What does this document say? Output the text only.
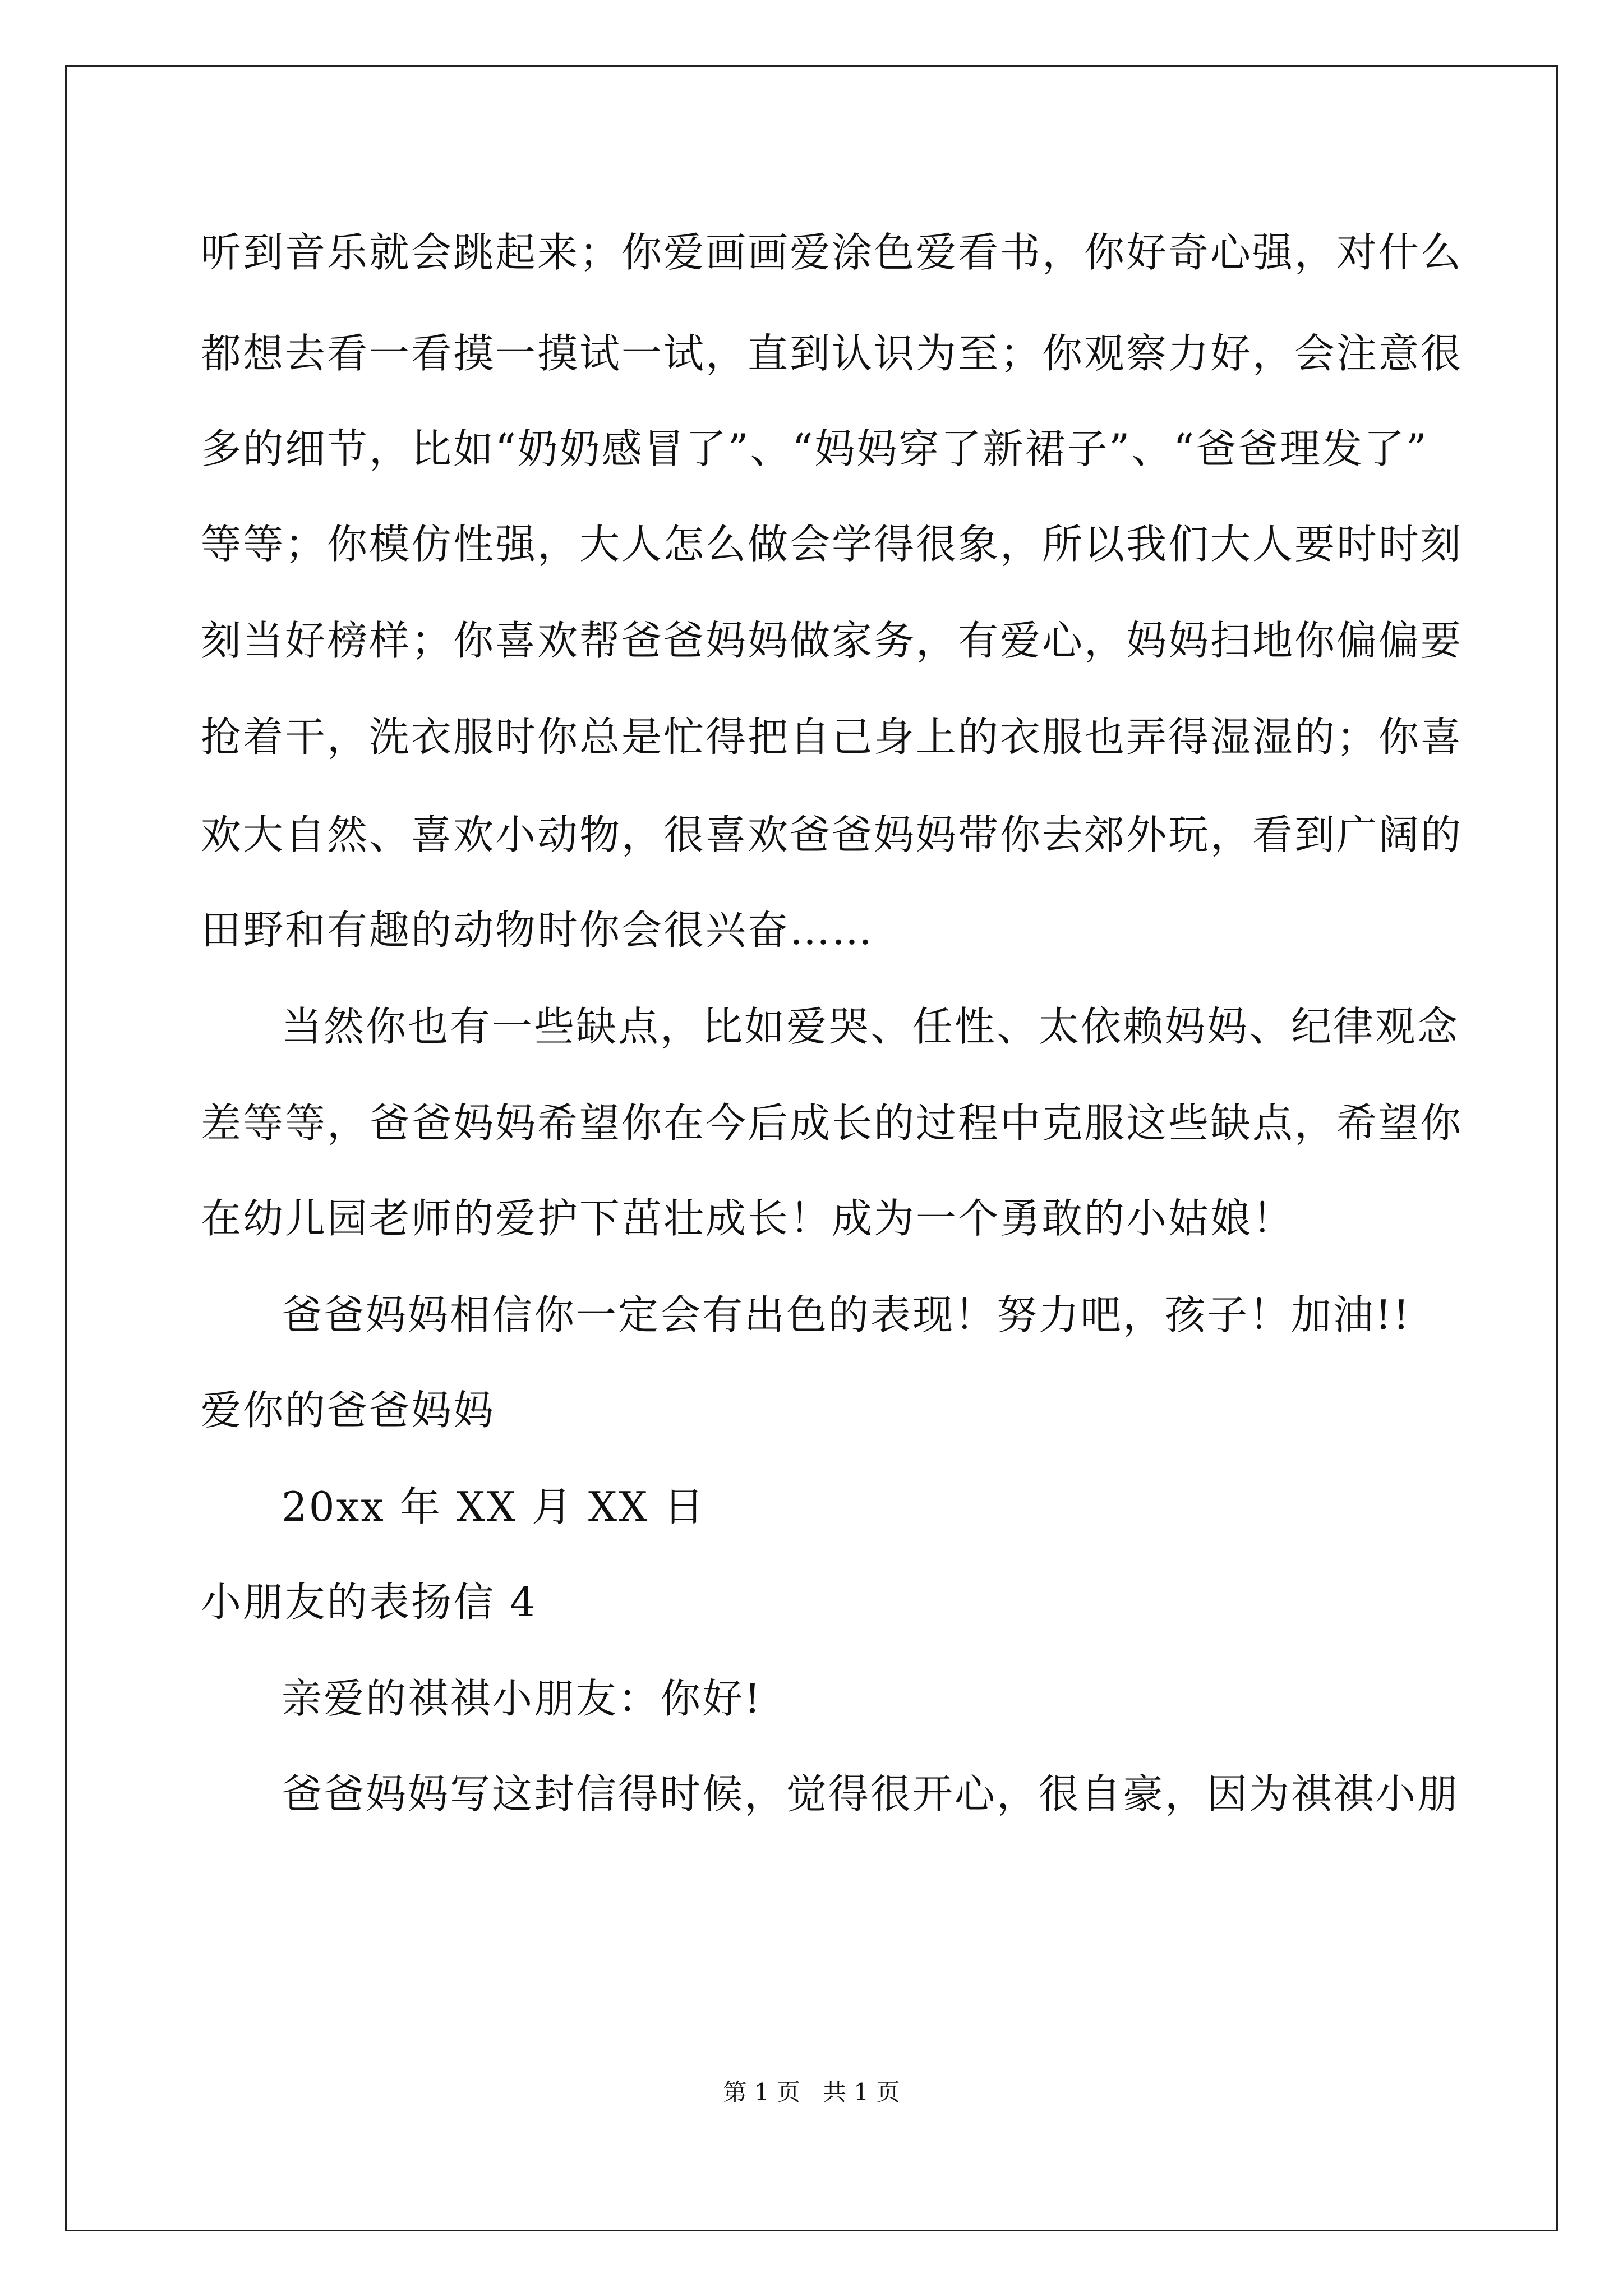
听到音乐就会跳起来；你爱画画爱涂色爱看书，你好奇心强，对什么
都想去看一看摸一摸试一试，直到认识为至；你观察力好，会注意很
多的细节，比如“奶奶感冒了”、“妈妈穿了新裙子”、“爸爸理发了”
等等；你模仿性强，大人怎么做会学得很象，所以我们大人要时时刻
刻当好榜样；你喜欢帮爸爸妈妈做家务，有爱心，妈妈扫地你偏偏要
抢着干，洗衣服时你总是忙得把自己身上的衣服也弄得湿湿的；你喜
欢大自然、喜欢小动物，很喜欢爸爸妈妈带你去郊外玩，看到广阔的
田野和有趣的动物时你会很兴奋……
当然你也有一些缺点，比如爱哭、任性、太依赖妈妈、纪律观念
差等等，爸爸妈妈希望你在今后成长的过程中克服这些缺点，希望你
在幼儿园老师的爱护下茁壮成长！成为一个勇敢的小姑娘！
爸爸妈妈相信你一定会有出色的表现！努力吧，孩子！加油!!
爱你的爸爸妈妈
20xx 年 XX 月 XX 日
小朋友的表扬信 4
亲爱的祺祺小朋友：你好!
爸爸妈妈写这封信得时候，觉得很开心，很自豪，因为祺祺小朋
第 1 页   共 1 页
